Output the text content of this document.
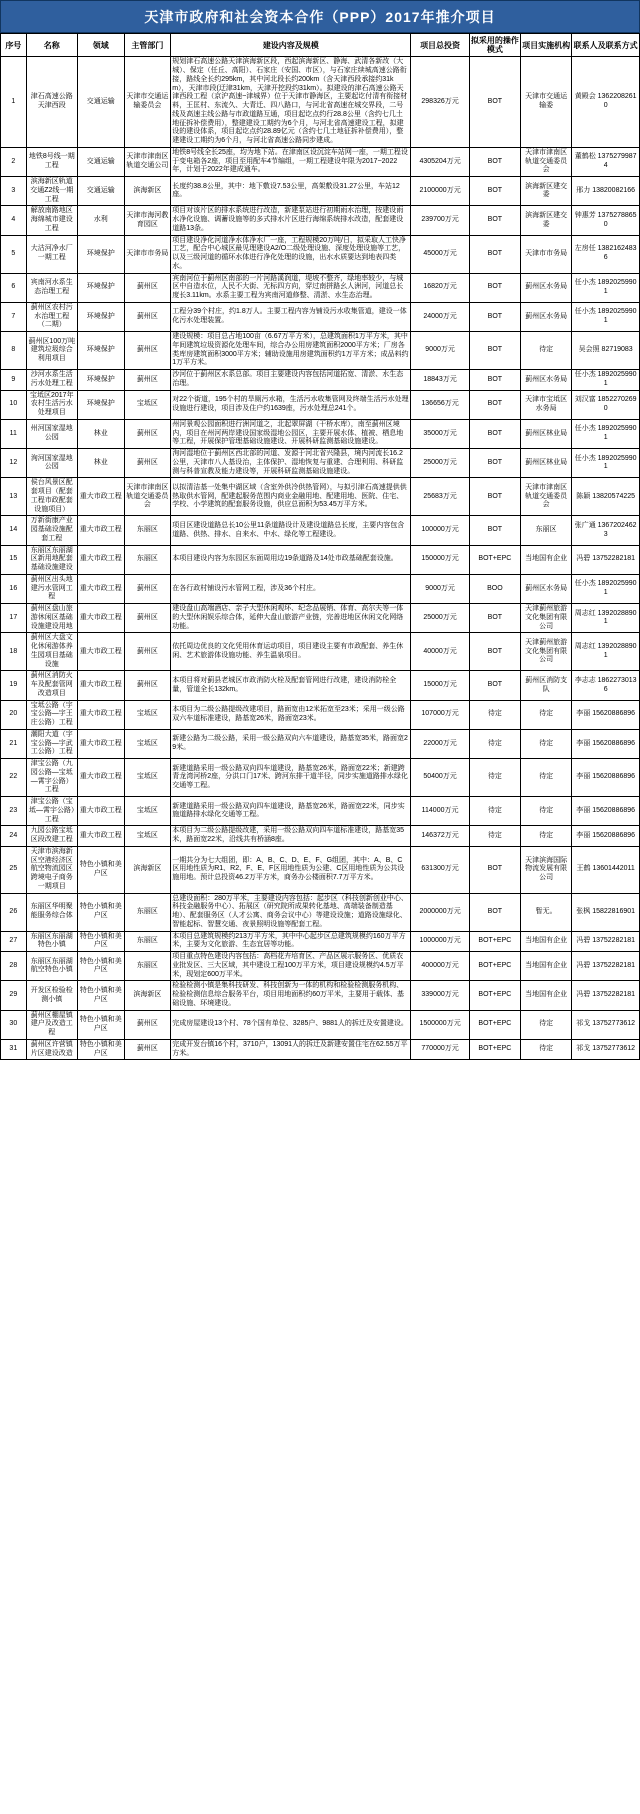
天津市政府和社会资本合作（PPP）2017年推介项目
序号	名称	领域	主管部门	建设内容及规模	项目总投资	拟采用的操作模式	项目实施机构	联系人及联系方式
1	津石高速公路天津西段	交通运输	天津市交通运输委员会	规划津石高速公路天津滨海新区段，西起滨海新区、静海、武清各新改（大城）、保定（任丘、高阳）、石家庄（安国、市区），与石家庄续城高速公路衔接，路线全长约295km，其中河北段长约200km（含天津西段承接约31km），天津市段(迂津31km，天津开挖段约31km）。拟建设的津石高速公路天津西段工程（京沪高速~津城界）位于天津市静海区，主要起讫付清有衔接材料，王匡村、东流久、大青迁、四八路口，与河北省高速在城交界段，二号线及高速主线公路与市政道路互通，项目起讫点约行28.8公里（含约七几土地征拆补偿费用），整建建设工期约为6个月，与河北省高速建设工程，拟建设的建设体系，项目起讫点约28.89亿元（含约七几土地征拆补偿费用），整建建设工期约为6个月，与河北省高速公路同步建成。	298326万元	BOT	天津市交通运输委	黄殿会 13622082610
2	地铁8号线一期工程	交通运输	天津市津南区轨道交通公司	地铁8号线全长25座，均为地下站。在津南区设沉淀车站网一座，一期工程设于变电箱各2座，项目至用配车4节编组，一期工程建设年限为2017~2022年，计划于2022年建成通车。	4305204万元	BOT	天津市津南区轨道交通委员会	董鹤松 13752799874
3	滨海新区轨道交通Z2线一期工程	交通运输	滨海新区	长度约38.8公里，其中：地下敷设7.53公里，高架敷设31.27公里，车站12座。	2100000万元	BOT	滨海新区建交委	邢力 13820082166
4	解放南路地区海绵城市建设工程	水利	天津市海河教育园区	项目对该片区的排水系统进行改造，新建泵站进行初期雨水治理，按建设雨水净化设施、调蓄设施等的多式排水片区进行海绵系统排水改造，配套建设道路13条。	239700万元	BOT	滨海新区建交委	钟惠芳 13752788650
5	大沽河净水厂一期工程	环境保护	天津市市务局	项目建设净化河道净水体净水厂一座，工程规模20万吨/日，拟采取人工快净工艺，配合中心城区最见理建设A2/O二级处理设施、深度处理设施等工艺，以及三级河道的循环水体进行净化处理的设施，出水水质要达到地表四类水。	45000万元	BOT	天津市市务局	左房任 13821624836
6	宾南河水系生态治理工程	环境保护	蓟州区	宾南河位于蓟州区南部的一片河路溪润道，堤坡不整齐，绿地率较少，与城区中自造水位，人民不大街、无标四方向，穿过南拼路幺人洲河，河道总长度长3.11km。水系主要工程为宾南河道修整、清淤、水生态治理。	16820万元	BOT	蓟州区水务局	任小杰 18920259901
7	蓟州区农村污水治理工程（二期）	环境保护	蓟州区	工程分39个村庄，约1.8万人。主要工程内容为铺设污水收集管道，建设一体化污水处理装置。	24000万元	BOT	蓟州区水务局	任小杰 18920259901
8	蓟州区100万吨建筑垃圾综合利用项目	环境保护	蓟州区	建设规模：项目总占地100亩（6.67万平方米），总建筑面积1万平方米，其中年间建筑垃圾资源化处理车间，综合办公用房建筑面积2000平方米；厂房各类库房建筑面积3000平方米；辅助设施用房建筑面积约1万平方米；成品料约1万平方米。	9000万元	BOT	待定	吴会照 82719083
9	沙河水系生活污水处理工程	环境保护	蓟州区	沙河位于蓟州区水系总部。项目主要建设内容包括河道拓宽、清淤、水生态治理。	18843万元	BOT	蓟州区水务局	任小杰 18920259901
10	宝坻区2017年农村生活污水处理项目	环境保护	宝坻区	对22个街道，195个村的旱厕污水箱，生活污水收集管网及终端生活污水处理设施进行建设，项目涉及住户约1639座，污水处理总241个。	136656万元	BOT	天津市宝坻区水务局	刘汉富 18522702690
11	州河国家湿地公园	林业	蓟州区	州河景观公园面积进行洲河道之，北起翠屏湖（干桥水库），南至蓟州区境内，项目在州河两岸建设国家级湿地公园区，主要开展水体、植被、栖息地等工程，开展保护管理基础设施建设、开展科研监测基础设施建设。	35000万元	BOT	蓟州区林业局	任小杰 18920259901
12	洵河国家湿地公园	林业	蓟州区	洵河湿地位于蓟州区西北部的河道、发源于河北省兴隆县，境内河流长16.2公里，天津市八人基设治，主体保护、湿地恢复与重建、合理利用、科研监测与科普宣教及能力建设等，开展科研监测基础设施建设。	25000万元	BOT	蓟州区林业局	任小杰 18920259901
13	侯台风景区配套项目（配套工程市政配套设施项目）	重大市政工程	天津市津南区轨道交通委员会	以拟清洁基一处集中湖区域（含室外供冷供热管网），与拟引津石高速提供供热取供水管网，配建起服务范围内商业金融用地、配建用地、医院、住宅、学校、小学建筑的配套服务设施，供应总面积为53.45万平方米。	25683万元	BOT	天津市津南区轨道交通委员会	陈颖 13820574225
14	万新街康产业园基础设施配套工程	重大市政工程	东丽区	项目区建设道路总长10公里11条道路设计及建设道路总长度，主要内容包含道路、供热、排水、自来水、中水、绿化等工程建设。	100000万元	BOT	东丽区	张广通 13672024623
15	东丽区东丽湖区新用地配套基础设施建设	重大市政工程	东丽区	本项目建设内容为东园区东面周用边19条道路及14处市政基础配套设施。	150000万元	BOT+EPC	当地国有企业	冯碧 13752282181
16	蓟州区出头地建污水管网工程	重大市政工程	蓟州区	在各行政村铺设污水管网工程，涉及36个村庄。	9000万元	BOO	蓟州区水务局	任小杰 18920259901
17	蓟州区盘山旅游休闲区基础设施建设用地	重大市政工程	蓟州区	建设盘山高端酒店、亲子大型休闲观环、纪念品展销、体育、高尔夫等一体的大型休闲娱乐综合体，延伸大盘山旅游产业链，完善进地区休闲文化网络功能。	25000万元	BOT	天津蓟州旅游文化集团有限公司	周志红 13920288901
18	蓟州区大盘文化休闲游体养生园项目基础设施	重大市政工程	蓟州区	依托周边优良的文化凭用休育运动项目，项目建设主要有市政配套、养生休闲、艺术旅游体设施功能、养生温泉项目。	40000万元	BOT	天津蓟州旅游文化集团有限公司	周志红 13920288901
19	蓟州区消防火车及配套管网改造项目	重大市政工程	蓟州区	本项目将对蓟县老城区市政消防火栓及配套管网进行改建，建设消防栓全量，管道全长132km。	15000万元	BOT	蓟州区消防支队	李志志 18622730136
20	宝坻公路（宇宝公路—宇王庄公路）工程	重大市政工程	宝坻区	本项目为二级公路提级改建项目，路面宽由12米拓宽至23米；采用一级公路双六车道标准建设，路基宽26米，路面宽23米。	107000万元	待定	待定	李丽 15620886896
21	潮阳大道（宇宝公路—宇武工公路）工程	重大市政工程	宝坻区	新建公路为二级公路，采用一级公路双向六车道建设，路基宽35米，路面宽29米。	22000万元	待定	待定	李丽 15620886896
22	津宝公路（九园公路—宝坻—霄宇公路）工程	重大市政工程	宝坻区	新建道路采用一级公路双向四车道建设，路基宽26米，路面宽22米；新建跨青龙湾河桥2座，分洪口门17米、跨河东排干道半径，同步实施道路排水绿化交通等工程。	50400万元	待定	待定	李丽 15620886896
23	津宝公路（宝坻—霄宇公路）工程	重大市政工程	宝坻区	新建道路采用一级公路双向四车道建设，路基宽26米，路面宽22米，同步实施道路排水绿化交通等工程。	114000万元	待定	待定	李丽 15620886896
24	九园公路宝坻区段改建工程	重大市政工程	宝坻区	本项目为二级公路提级改建，采用一级公路双向四车道标准建设，路基宽35米，路面宽22米，沿线共有桥涵8座。	146372万元	待定	待定	李丽 15620886896
25	天津市滨海新区空港经济区航空物流园区跨境电子商务一期项目	特色小镇和美户区	滨海新区	一期共分为七大组团，即：A、B、C、D、E、F、G组团，其中：A、B、C区用地性质为R1、R2、F、E、F区用地性质为公建、C区用地性质为公共设施用地。预计总投资46.2万平方米，商务办公楼面积7.7万平方米。	631300万元	BOT	天津滨海国际物流发展有限公司	王鹤 13601442011
26	东丽区华明聚能服务综合体	特色小镇和美户区	东丽区	总建设面积：280万平米，主要建设内容包括：起步区（科技创新创业中心、科技金融服务中心）、拓展区（研究院所成果转化基地、高端装备制造基地）、配套服务区（人才公寓、商务会议中心）等建设设施；道路设施绿化、智能起标、智慧交通、夜景照明设施等配套工程。	2000000万元	BOT	暂无。	张枫 15822816901
27	东丽区东丽湖特色小镇	特色小镇和美户区	东丽区	本项目总建筑规模约213万平方米，其中中心起步区总建筑规模约160万平方米，主要为文化旅游、生态宜居等功能。	1000000万元	BOT+EPC	当地国有企业	冯碧 13752282181
28	东丽区东丽湖航空特色小镇	特色小镇和美户区	东丽区	项目重点特色建设内容包括：高档花卉培育区、产品区展示服务区、优质农业批发区、三大区域，其中建设工程100万平方米，项目建设规模约4.5万平米，现划定600万平米。	400000万元	BOT+EPC	当地国有企业	冯碧 13752282181
29	开发区检验检测小镇	特色小镇和美户区	滨海新区	检验检测小镇是集科技研发、科技创新为一体的机构和检验检测服务机构、检验检测信息综合服务平台，项目用地面积约60万平米，主要用于载体、基础设施、环境建设。	339000万元	BOT+EPC	当地国有企业	冯碧 13752282181
30	蓟州区棚屋镇建户及改造工程	特色小镇和美户区	蓟州区	完成房屋建设13个村、78个国有单位、3285户、9881人的拆迁及安置建设。	1500000万元	BOT+EPC	待定	祁戈 13752773612
31	蓟州区许营镇片区建设改造	特色小镇和美户区	蓟州区	完成开发台镇16个村，3710户，13091人的拆迁及新建安置住宅在62.55万平方米。	770000万元	BOT+EPC	待定	祁戈 13752773612
